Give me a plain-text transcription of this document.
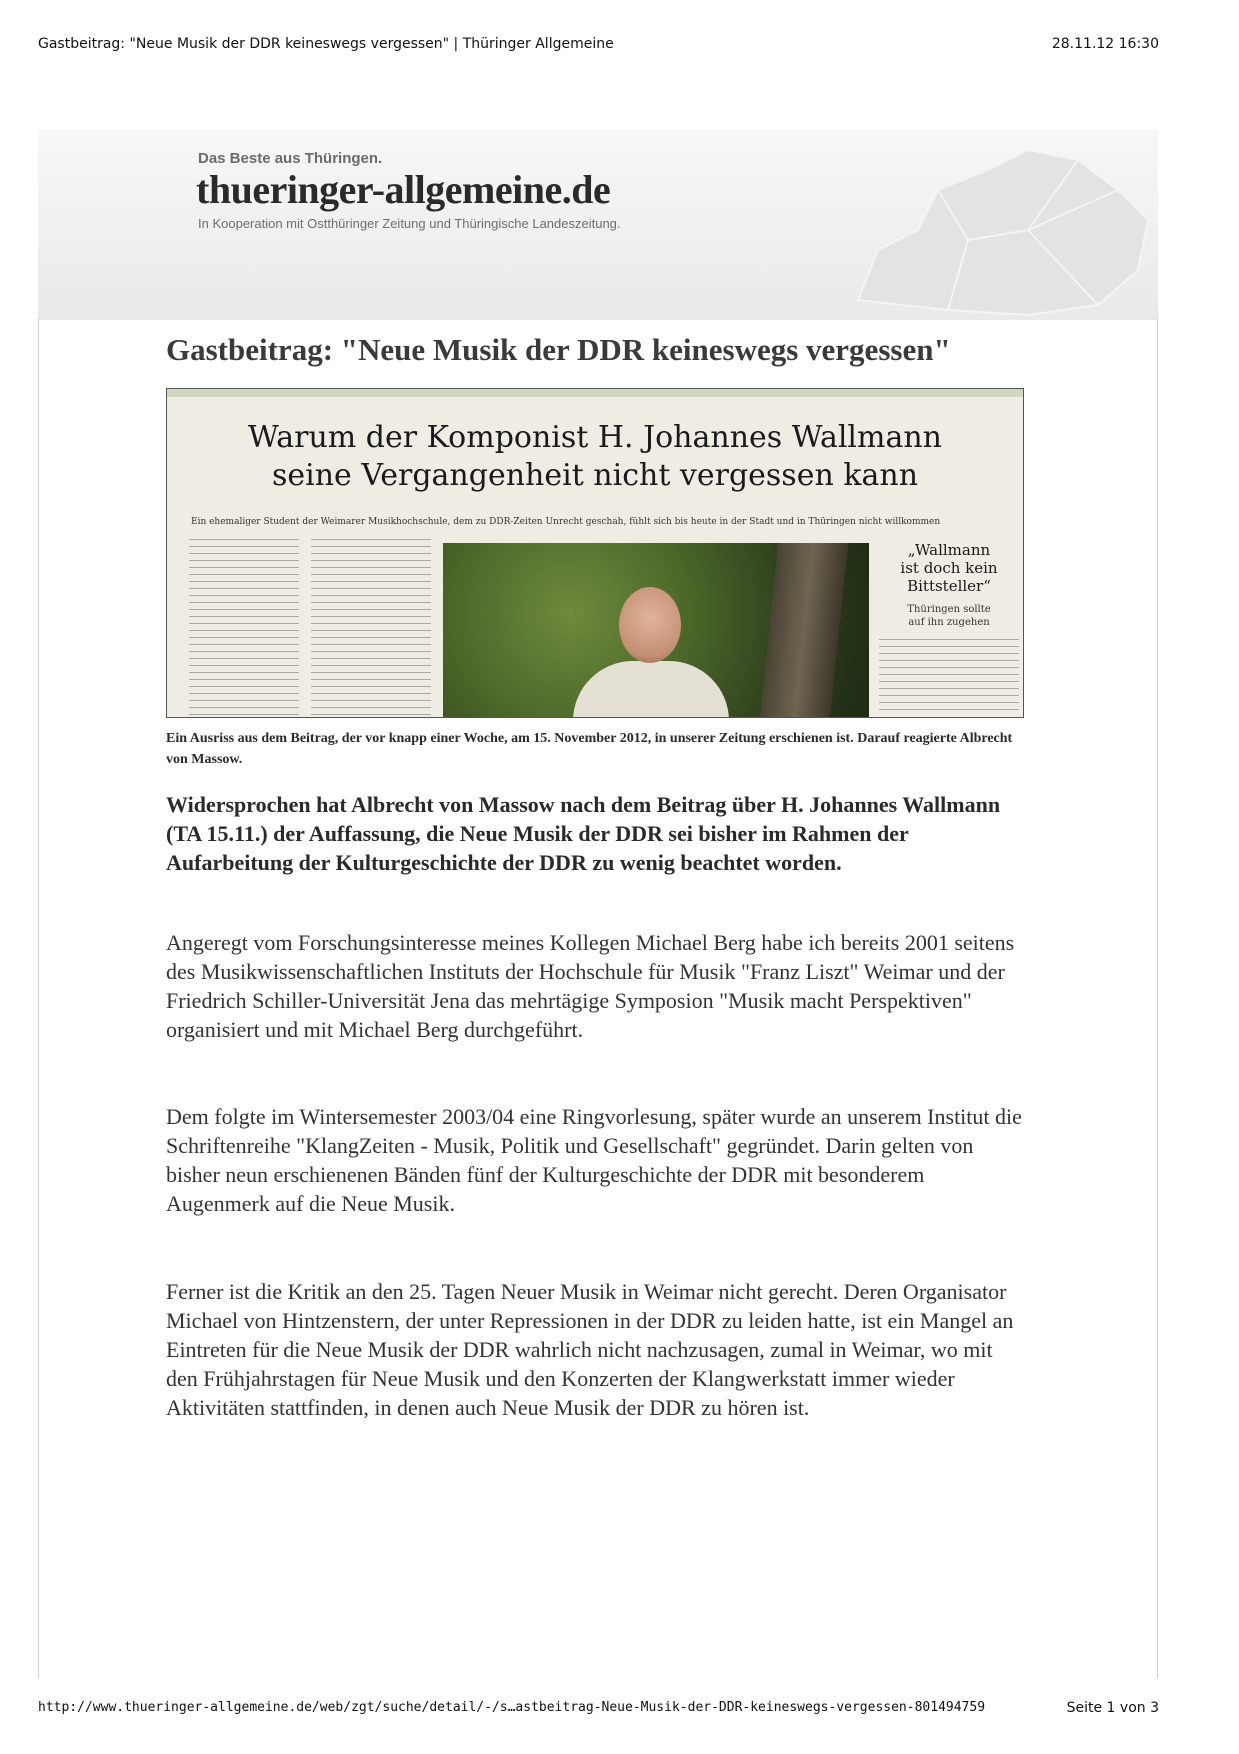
Gastbeitrag: "Neue Musik der DDR keineswegs vergessen" | Thüringer Allgemeine	28.11.12 16:30
Das Beste aus Thüringen.
thueringer-allgemeine.de
In Kooperation mit Ostthüringer Zeitung und Thüringische Landeszeitung.
Gastbeitrag: "Neue Musik der DDR keineswegs vergessen"
Warum der Komponist H. Johannes Wallmann
seine Vergangenheit nicht vergessen kann
Ein ehemaliger Student der Weimarer Musikhochschule, dem zu DDR-Zeiten Unrecht geschah, fühlt sich bis heute in der Stadt und in Thüringen nicht willkommen
„Wallmann
ist doch kein
Bittsteller“
Thüringen sollte
auf ihn zugehen

Ein Ausriss aus dem Beitrag, der vor knapp einer Woche, am 15. November 2012, in unserer Zeitung erschienen ist. Darauf reagierte Albrecht von Massow.

Widersprochen hat Albrecht von Massow nach dem Beitrag über H. Johannes Wallmann (TA 15.11.) der Auffassung, die Neue Musik der DDR sei bisher im Rahmen der Aufarbeitung der Kulturgeschichte der DDR zu wenig beachtet worden.

Angeregt vom Forschungsinteresse meines Kollegen Michael Berg habe ich bereits 2001 seitens des Musikwissenschaftlichen Instituts der Hochschule für Musik "Franz Liszt" Weimar und der Friedrich Schiller-Universität Jena das mehrtägige Symposion "Musik macht Perspektiven" organisiert und mit Michael Berg durchgeführt.

Dem folgte im Wintersemester 2003/04 eine Ringvorlesung, später wurde an unserem Institut die Schriftenreihe "KlangZeiten - Musik, Politik und Gesellschaft" gegründet. Darin gelten von bisher neun erschienenen Bänden fünf der Kulturgeschichte der DDR mit besonderem Augenmerk auf die Neue Musik.

Ferner ist die Kritik an den 25. Tagen Neuer Musik in Weimar nicht gerecht. Deren Organisator Michael von Hintzenstern, der unter Repressionen in der DDR zu leiden hatte, ist ein Mangel an Eintreten für die Neue Musik der DDR wahrlich nicht nachzusagen, zumal in Weimar, wo mit den Frühjahrstagen für Neue Musik und den Konzerten der Klangwerkstatt immer wieder Aktivitäten stattfinden, in denen auch Neue Musik der DDR zu hören ist.

http://www.thueringer-allgemeine.de/web/zgt/suche/detail/-/s…astbeitrag-Neue-Musik-der-DDR-keineswegs-vergessen-801494759	Seite 1 von 3
